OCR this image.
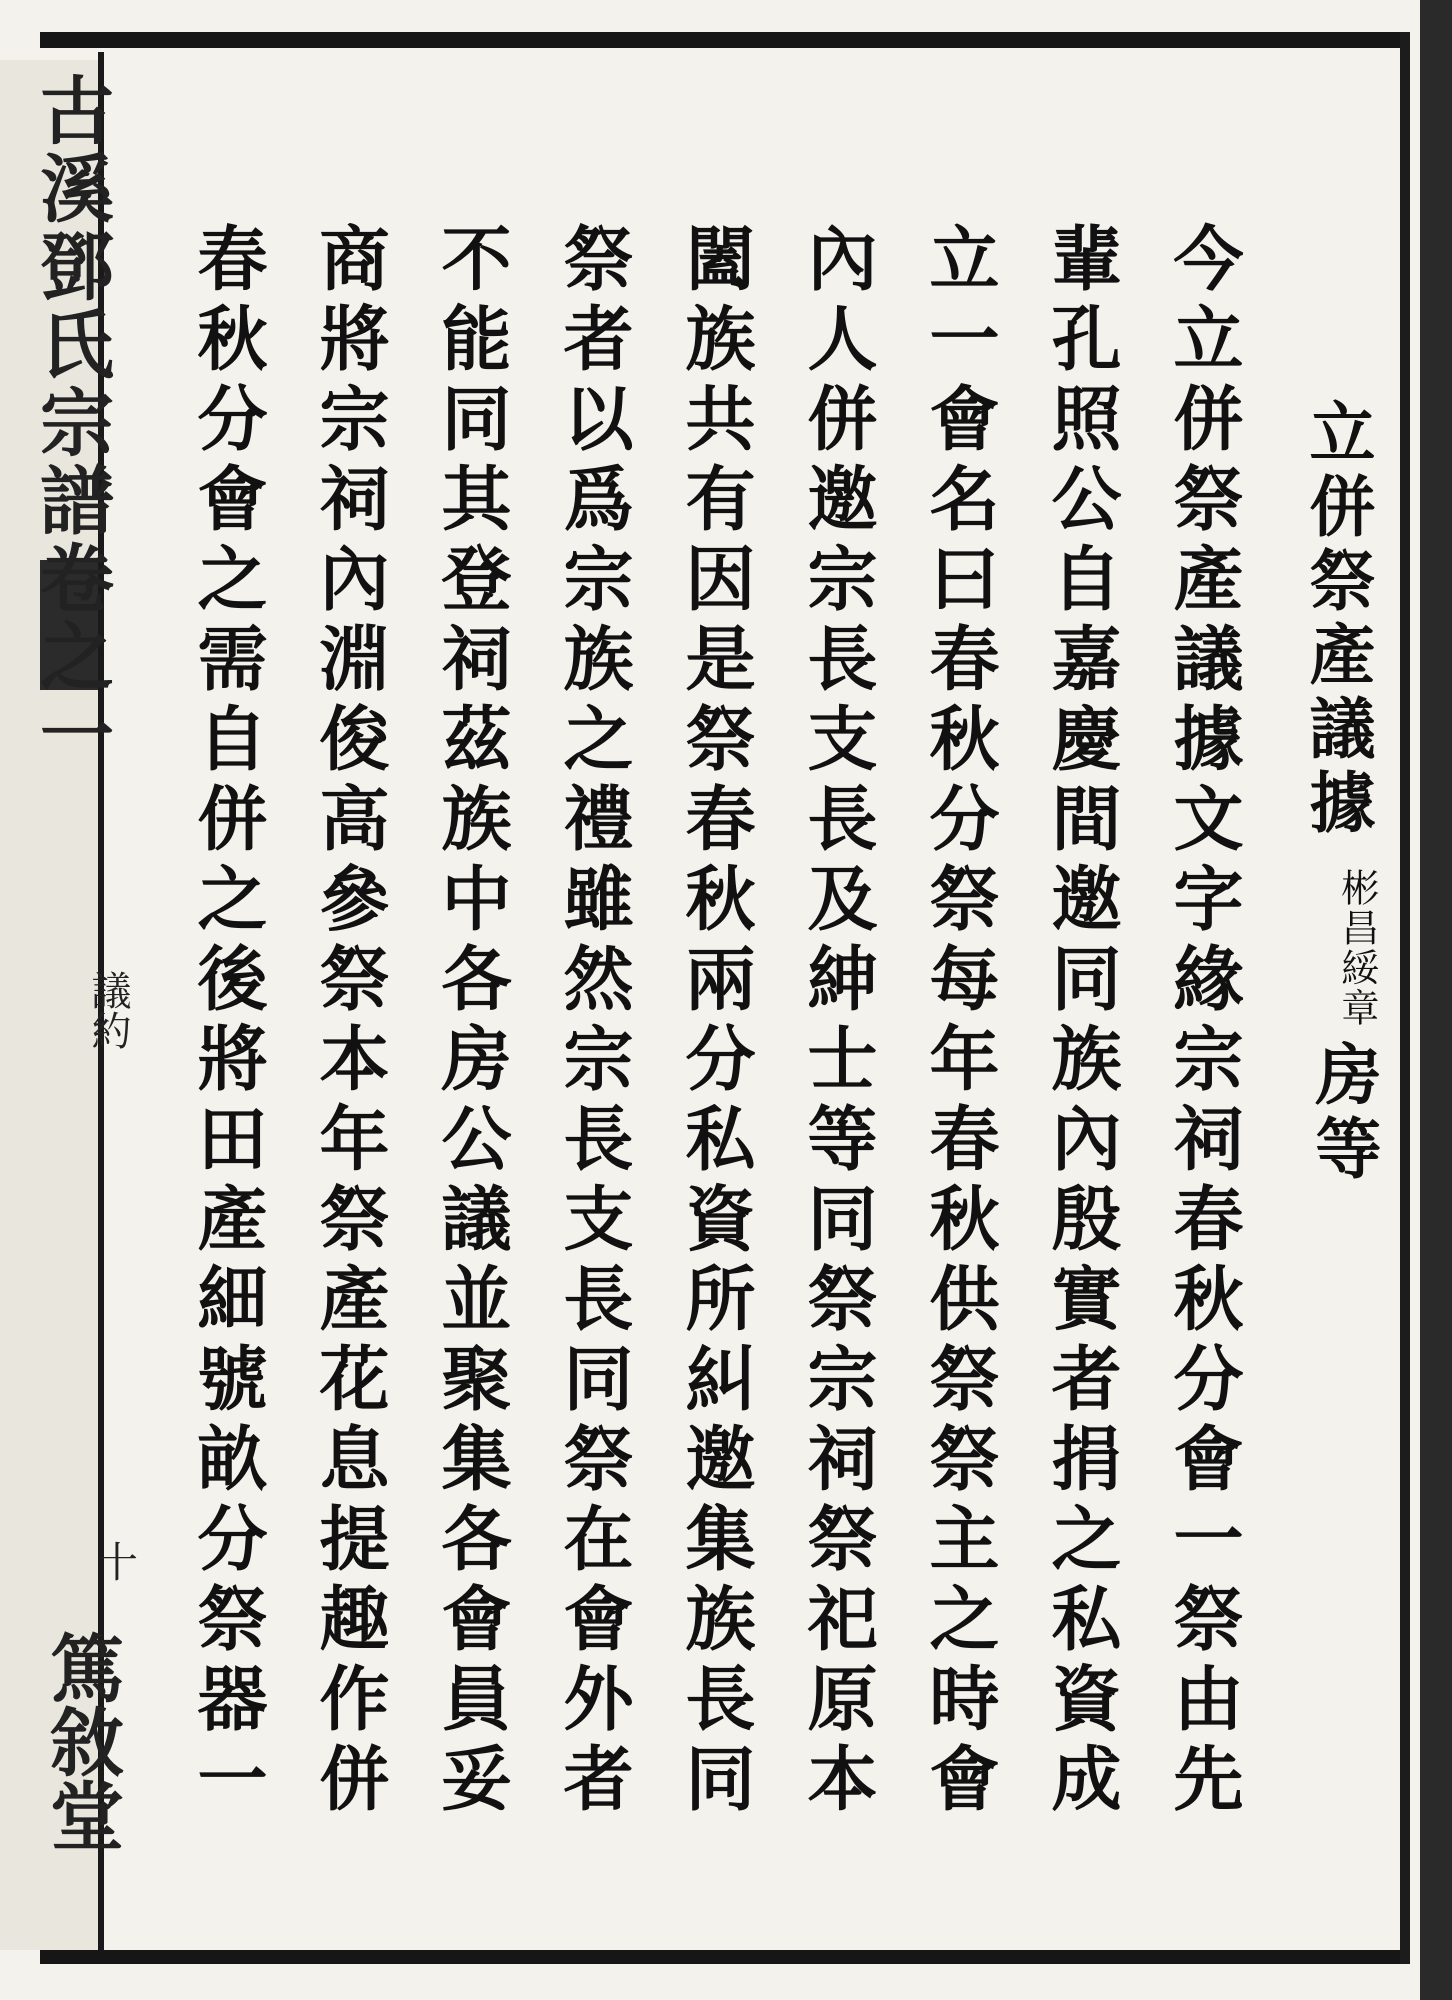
古溪鄧氏宗譜卷之一
議約
十
篤敘堂
立併祭產議據
彬昌綏章
房等
今立併祭產議據文字緣宗祠春秋分會一祭由先
輩孔照公自嘉慶間邀同族內殷實者捐之私資成
立一會名曰春秋分祭每年春秋供祭祭主之時會
內人併邀宗長支長及紳士等同祭宗祠祭祀原本
闔族共有因是祭春秋兩分私資所糾邀集族長同
祭者以爲宗族之禮雖然宗長支長同祭在會外者
不能同其登祠茲族中各房公議並聚集各會員妥
商將宗祠內淵俊高參祭本年祭產花息提趣作併
春秋分會之需自併之後將田產細號畝分祭器一
